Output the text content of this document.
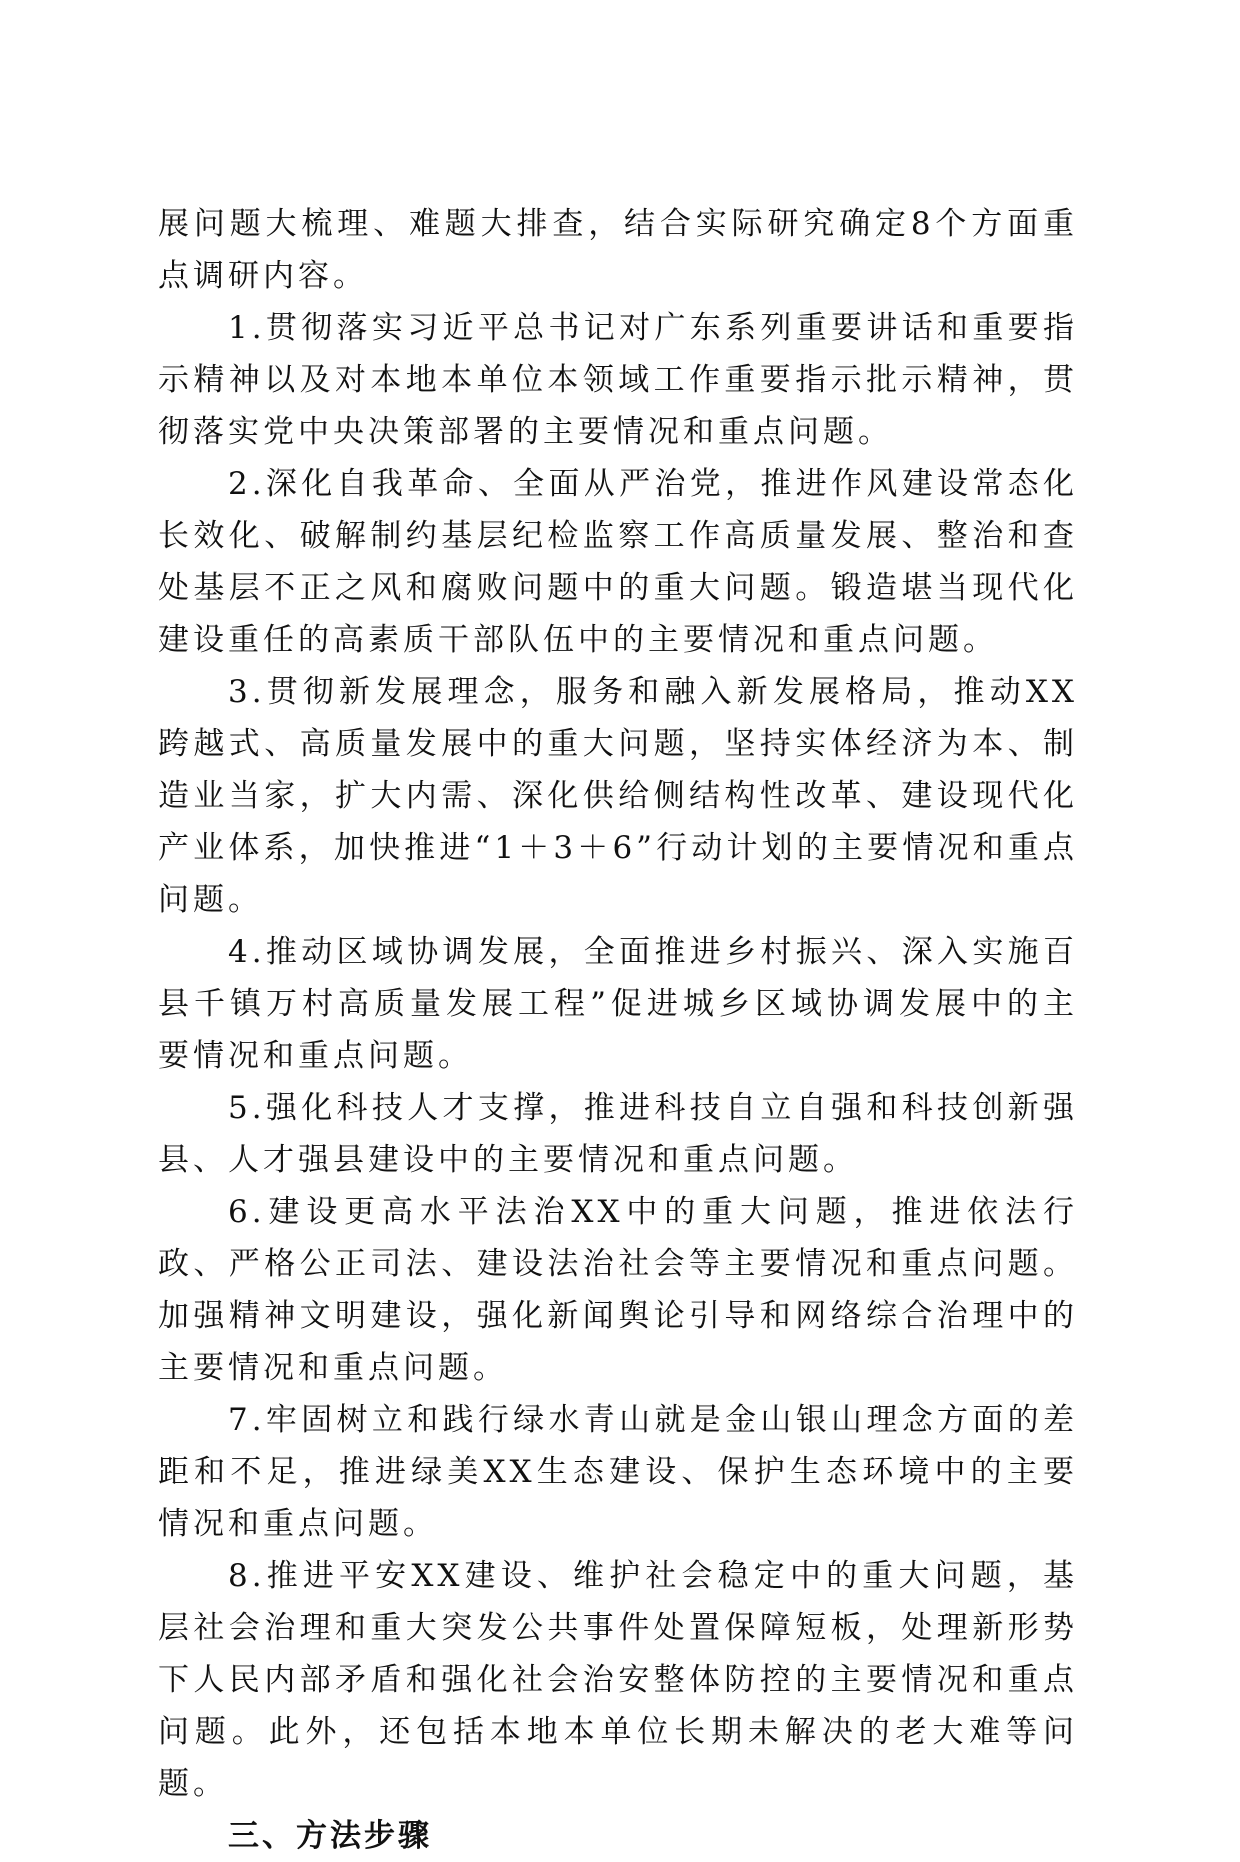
展问题大梳理、难题大排查，结合实际研究确定8个方面重点调研内容。

1.贯彻落实习近平总书记对广东系列重要讲话和重要指示精神以及对本地本单位本领域工作重要指示批示精神，贯彻落实党中央决策部署的主要情况和重点问题。

2.深化自我革命、全面从严治党，推进作风建设常态化长效化、破解制约基层纪检监察工作高质量发展、整治和查处基层不正之风和腐败问题中的重大问题。锻造堪当现代化建设重任的高素质干部队伍中的主要情况和重点问题。

3.贯彻新发展理念，服务和融入新发展格局，推动XX跨越式、高质量发展中的重大问题，坚持实体经济为本、制造业当家，扩大内需、深化供给侧结构性改革、建设现代化产业体系，加快推进“1＋3＋6”行动计划的主要情况和重点问题。

4.推动区域协调发展，全面推进乡村振兴、深入实施百县千镇万村高质量发展工程”促进城乡区域协调发展中的主要情况和重点问题。

5.强化科技人才支撑，推进科技自立自强和科技创新强县、人才强县建设中的主要情况和重点问题。

6.建设更高水平法治XX中的重大问题，推进依法行政、严格公正司法、建设法治社会等主要情况和重点问题。加强精神文明建设，强化新闻舆论引导和网络综合治理中的主要情况和重点问题。

7.牢固树立和践行绿水青山就是金山银山理念方面的差距和不足，推进绿美XX生态建设、保护生态环境中的主要情况和重点问题。

8.推进平安XX建设、维护社会稳定中的重大问题，基层社会治理和重大突发公共事件处置保障短板，处理新形势下人民内部矛盾和强化社会治安整体防控的主要情况和重点问题。此外，还包括本地本单位长期未解决的老大难等问题。

三、方法步骤
